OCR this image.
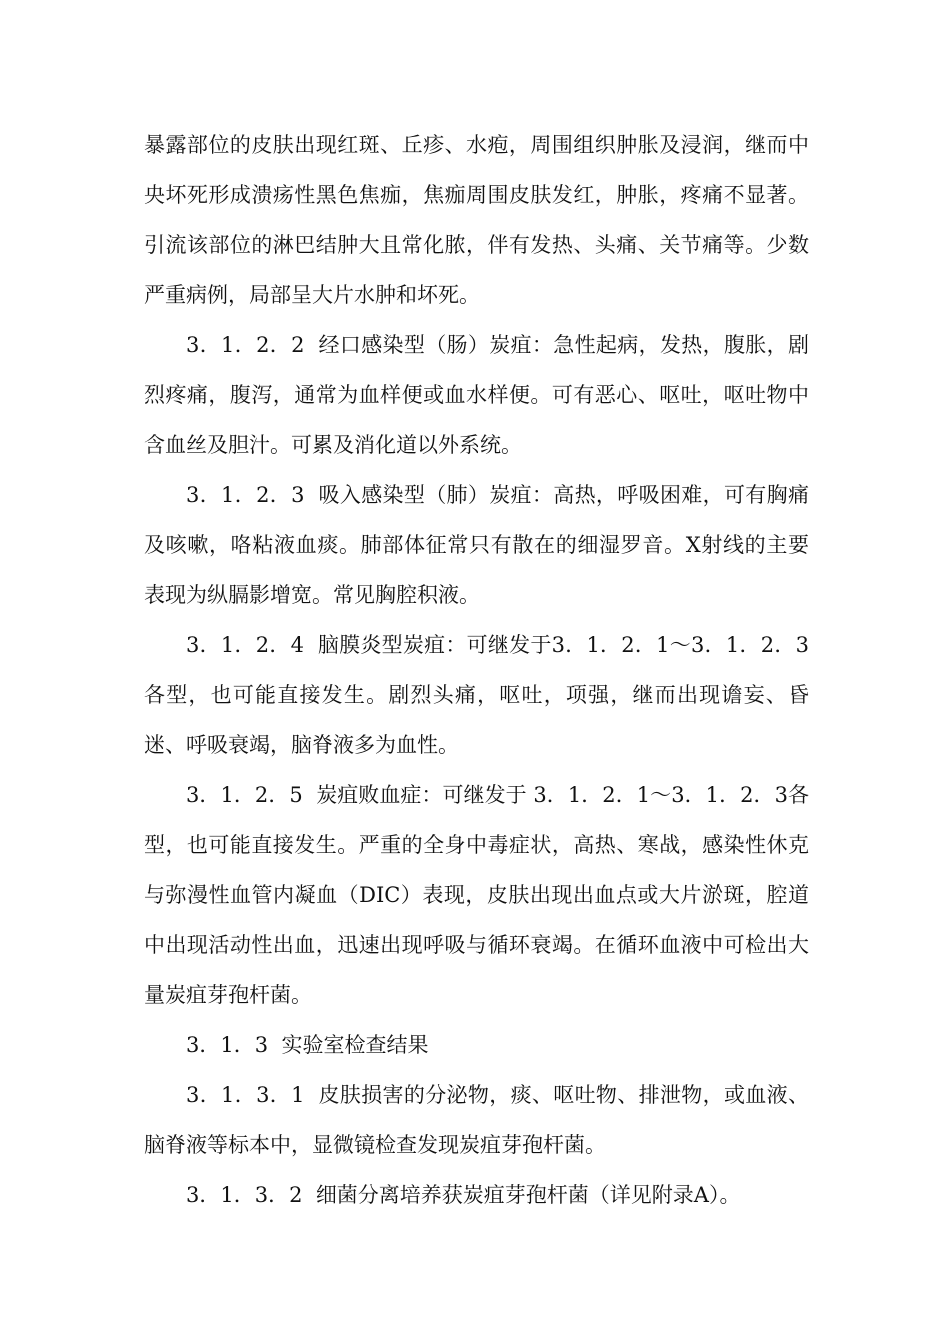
暴露部位的皮肤出现红斑、丘疹、水疱，周围组织肿胀及浸润，继而中央坏死形成溃疡性黑色焦痂，焦痂周围皮肤发红，肿胀，疼痛不显著。引流该部位的淋巴结肿大且常化脓，伴有发热、头痛、关节痛等。少数严重病例，局部呈大片水肿和坏死。

3．1．2．2 经口感染型（肠）炭疽：急性起病，发热，腹胀，剧烈疼痛，腹泻，通常为血样便或血水样便。可有恶心、呕吐，呕吐物中含血丝及胆汁。可累及消化道以外系统。

3．1．2．3 吸入感染型（肺）炭疽：高热，呼吸困难，可有胸痛及咳嗽，咯粘液血痰。肺部体征常只有散在的细湿罗音。X射线的主要表现为纵膈影增宽。常见胸腔积液。

3．1．2．4 脑膜炎型炭疽：可继发于3．1．2．1～3．1．2．3各型，也可能直接发生。剧烈头痛，呕吐，项强，继而出现谵妄、昏迷、呼吸衰竭，脑脊液多为血性。

3．1．2．5 炭疽败血症：可继发于 3．1．2．1～3．1．2．3各型，也可能直接发生。严重的全身中毒症状，高热、寒战，感染性休克与弥漫性血管内凝血（DIC）表现，皮肤出现出血点或大片淤斑，腔道中出现活动性出血，迅速出现呼吸与循环衰竭。在循环血液中可检出大量炭疽芽孢杆菌。

3．1．3 实验室检查结果

3．1．3．1 皮肤损害的分泌物，痰、呕吐物、排泄物，或血液、脑脊液等标本中，显微镜检查发现炭疽芽孢杆菌。

3．1．3．2 细菌分离培养获炭疽芽孢杆菌（详见附录A）。
